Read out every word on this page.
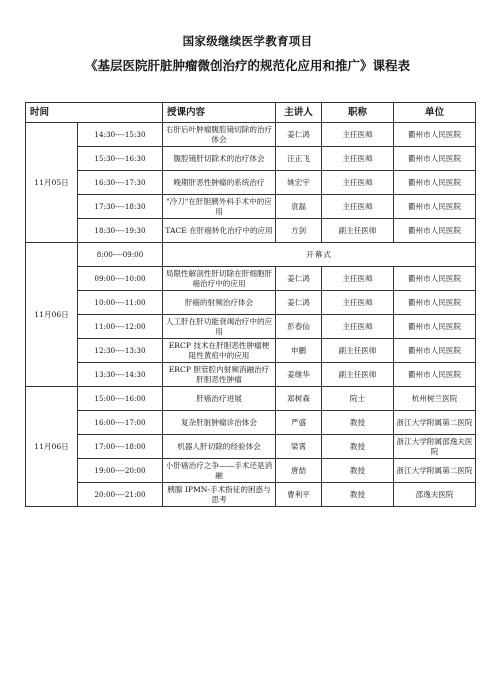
国家级继续医学教育项目
《基层医院肝脏肿瘤微创治疗的规范化应用和推广》课程表
时间		授课内容	主讲人	职称	单位
11月05日	14:30----15:30	右肝后叶肿瘤腹腔镜切除的治疗体会	姜仁鸿	主任医师	衢州市人民医院
	15:30----16:30	腹腔镜肝切除术的治疗体会	汪正飞	主任医师	衢州市人民医院
	16:30----17:30	晚期肝恶性肿瘤的系统治疗	姚宏宇	主任医师	衢州市人民医院
	17:30----18:30	"冷刀"在肝胆胰外科手术中的应用	袁磊	主任医师	衢州市人民医院
	18:30----19:30	TACE 在肝癌转化治疗中的应用	方剑	副主任医师	衢州市人民医院
11月06日	8:00----09:00	开幕式			
	09:00----10:00	局限性解剖性肝切除在肝细胞肝癌治疗中的应用	姜仁鸿	主任医师	衢州市人民医院
	10:00----11:00	肝癌的射频治疗体会	姜仁鸿	主任医师	衢州市人民医院
	11:00----12:00	人工肝在肝功能衰竭治疗中的应用	彭春仙	主任医师	衢州市人民医院
	12:30----13:30	ERCP 技术在肝胆恶性肿瘤梗阻性黄疸中的应用	申鹏	副主任医师	衢州市人民医院
	13:30----14:30	ERCP 胆管腔内射频消融治疗肝胆恶性肿瘤	姜继华	副主任医师	衢州市人民医院
11月06日	15:00----16:00	肝癌治疗进展	郑树森	院士	杭州树兰医院
	16:00----17:00	复杂肝脏肿瘤诊治体会	严盛	教授	浙江大学附属第二医院
	17:00----18:00	机器人肝切除的经验体会	梁霄	教授	浙江大学附属邵逸夫医院
	19:00----20:00	小肝癌治疗之争——手术还是消融	唐喆	教授	浙江大学附属第二医院
	20:00----21:00	胰腺 IPMN-手术指征的困惑与思考	曹利平	教授	邵逸夫医院
